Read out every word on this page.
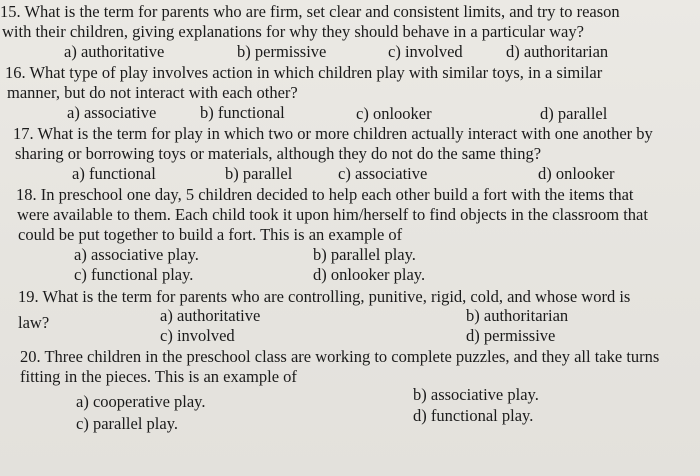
15. What is the term for parents who are firm, set clear and consistent limits, and try to reason
with their children, giving explanations for why they should behave in a particular way?
a) authoritative	b) permissive	c) involved	d) authoritarian
16. What type of play involves action in which children play with similar toys, in a similar
manner, but do not interact with each other?
a) associative	b) functional	c) onlooker	d) parallel
17. What is the term for play in which two or more children actually interact with one another by
sharing or borrowing toys or materials, although they do not do the same thing?
a) functional	b) parallel	c) associative	d) onlooker
18. In preschool one day, 5 children decided to help each other build a fort with the items that
were available to them. Each child took it upon him/herself to find objects in the classroom that
could be put together to build a fort. This is an example of
a) associative play.	b) parallel play.
c) functional play.	d) onlooker play.
19. What is the term for parents who are controlling, punitive, rigid, cold, and whose word is
law?	a) authoritative	b) authoritarian
c) involved	d) permissive
20. Three children in the preschool class are working to complete puzzles, and they all take turns
fitting in the pieces. This is an example of
a) cooperative play.	b) associative play.
c) parallel play.	d) functional play.
